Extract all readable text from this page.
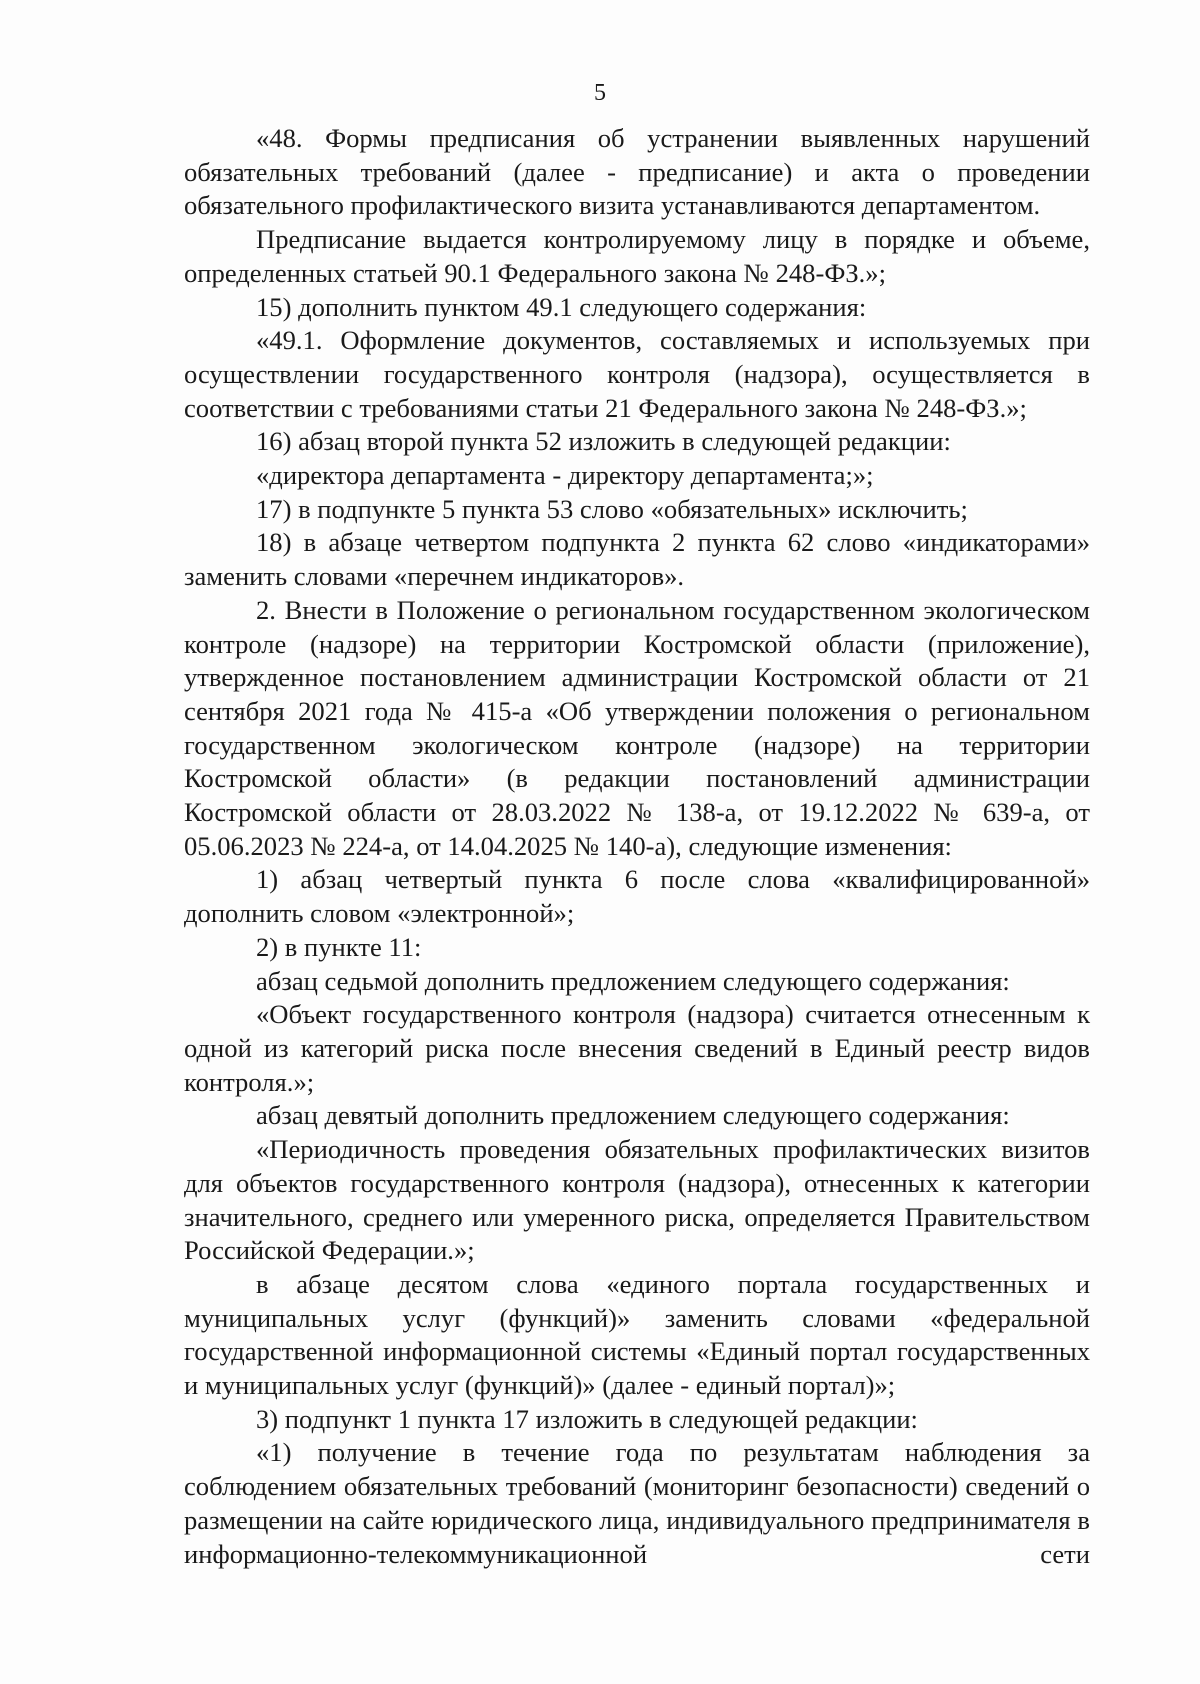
5

«48. Формы предписания об устранении выявленных нарушений обязательных требований (далее - предписание) и акта о проведении обязательного профилактического визита устанавливаются департаментом.

Предписание выдается контролируемому лицу в порядке и объеме, определенных статьей 90.1 Федерального закона № 248-ФЗ.»;

15) дополнить пунктом 49.1 следующего содержания:

«49.1. Оформление документов, составляемых и используемых при осуществлении государственного контроля (надзора), осуществляется в соответствии с требованиями статьи 21 Федерального закона № 248-ФЗ.»;

16) абзац второй пункта 52 изложить в следующей редакции:

«директора департамента - директору департамента;»;

17) в подпункте 5 пункта 53 слово «обязательных» исключить;

18) в абзаце четвертом подпункта 2 пункта 62 слово «индикаторами» заменить словами «перечнем индикаторов».

2. Внести в Положение о региональном государственном экологическом контроле (надзоре) на территории Костромской области (приложение), утвержденное постановлением администрации Костромской области от 21 сентября 2021 года № 415-а «Об утверждении положения о региональном государственном экологическом контроле (надзоре) на территории Костромской области» (в редакции постановлений администрации Костромской области от 28.03.2022 № 138-а, от 19.12.2022 № 639-а, от 05.06.2023 № 224-а, от 14.04.2025 № 140-а), следующие изменения:

1) абзац четвертый пункта 6 после слова «квалифицированной» дополнить словом «электронной»;

2) в пункте 11:

абзац седьмой дополнить предложением следующего содержания:

«Объект государственного контроля (надзора) считается отнесенным к одной из категорий риска после внесения сведений в Единый реестр видов контроля.»;

абзац девятый дополнить предложением следующего содержания:

«Периодичность проведения обязательных профилактических визитов для объектов государственного контроля (надзора), отнесенных к категории значительного, среднего или умеренного риска, определяется Правительством Российской Федерации.»;

в абзаце десятом слова «единого портала государственных и муниципальных услуг (функций)» заменить словами «федеральной государственной информационной системы «Единый портал государственных и муниципальных услуг (функций)» (далее - единый портал)»;

3) подпункт 1 пункта 17 изложить в следующей редакции:

«1) получение в течение года по результатам наблюдения за соблюдением обязательных требований (мониторинг безопасности) сведений о размещении на сайте юридического лица, индивидуального предпринимателя в информационно-телекоммуникационной сети
